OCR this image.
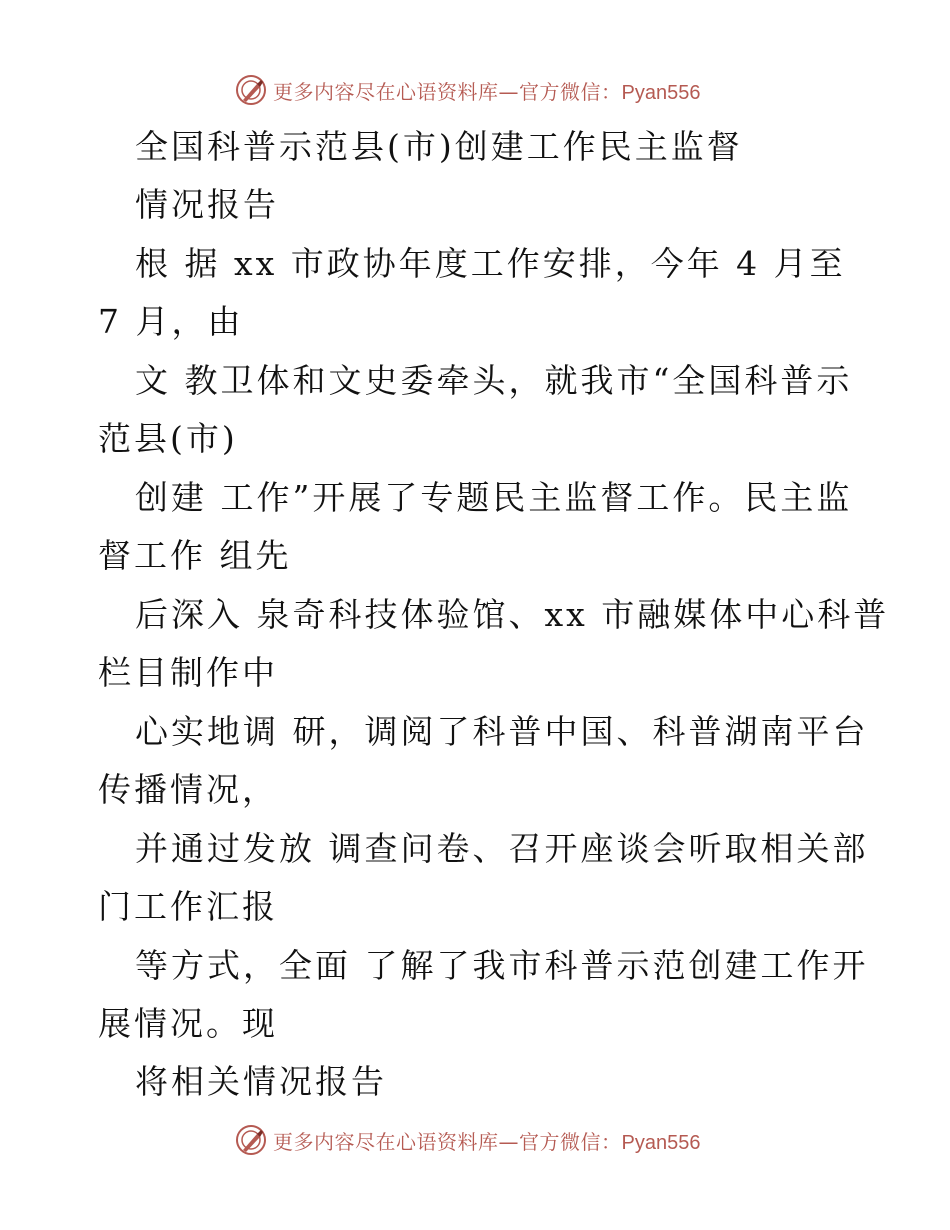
更多内容尽在心语资料库—官方微信：Pyan556
全国科普示范县(市)创建工作民主监督
情况报告
根 据 xx 市政协年度工作安排，今年 4 月至
7 月，由
文 教卫体和文史委牵头，就我市“全国科普示
范县(市)
创建 工作”开展了专题民主监督工作。民主监
督工作 组先
后深入 泉奇科技体验馆、xx 市融媒体中心科普
栏目制作中
心实地调 研，调阅了科普中国、科普湖南平台
传播情况，
并通过发放 调查问卷、召开座谈会听取相关部
门工作汇报
等方式，全面 了解了我市科普示范创建工作开
展情况。现
将相关情况报告
更多内容尽在心语资料库—官方微信：Pyan556
